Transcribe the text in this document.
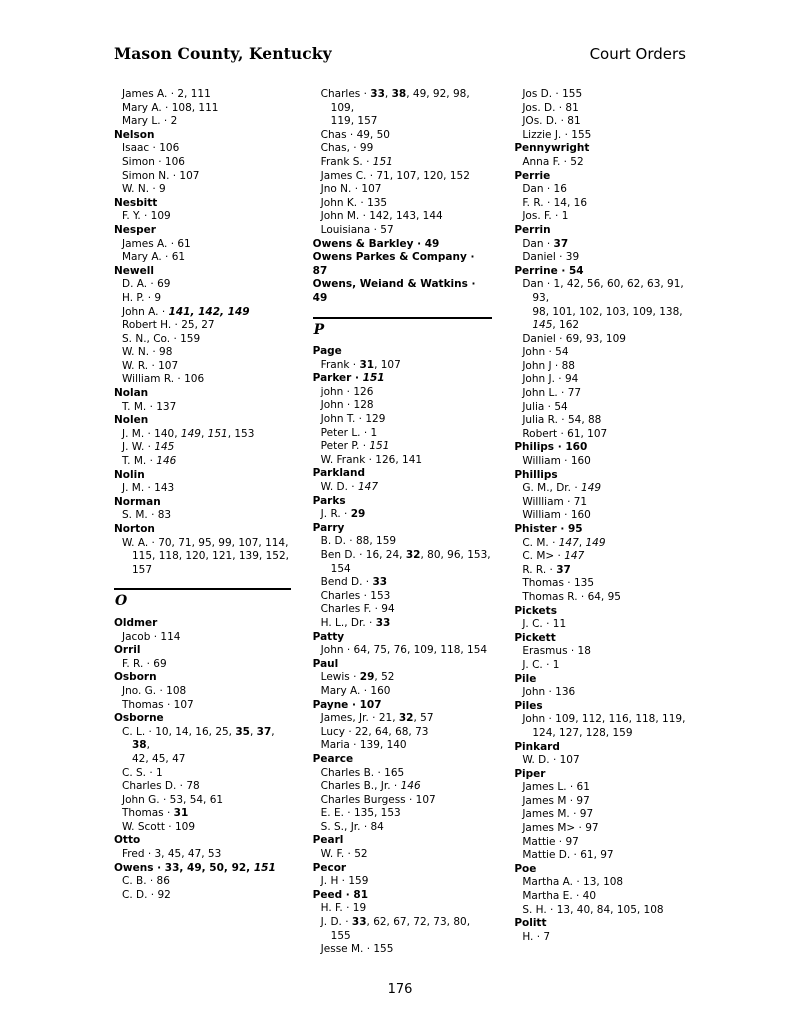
Mason County, Kentucky	Court Orders
James A. · 2, 111
Mary A. · 108, 111
Mary L. · 2
Nelson
Isaac · 106
Simon · 106
Simon N. · 107
W. N. · 9
Nesbitt
F. Y. · 109
Nesper
James A. · 61
Mary A. · 61
Newell
D. A. · 69
H. P. · 9
John A. · 141, 142, 149
Robert H. · 25, 27
S. N., Co. · 159
W. N. · 98
W. R. · 107
William R. · 106
Nolan
T. M. · 137
Nolen
J. M. · 140, 149, 151, 153
J. W. · 145
T. M. · 146
Nolin
J. M. · 143
Norman
S. M. · 83
Norton
W. A. · 70, 71, 95, 99, 107, 114,
115, 118, 120, 121, 139, 152,
157
O
Oldmer
Jacob · 114
Orril
F. R. · 69
Osborn
Jno. G. · 108
Thomas · 107
Osborne
C. L. · 10, 14, 16, 25, 35, 37, 38,
42, 45, 47
C. S. · 1
Charles D. · 78
John G. · 53, 54, 61
Thomas · 31
W. Scott · 109
Otto
Fred · 3, 45, 47, 53
Owens · 33, 49, 50, 92, 151
C. B. · 86
C. D. · 92
Charles · 33, 38, 49, 92, 98, 109,
119, 157
Chas · 49, 50
Chas, · 99
Frank S. · 151
James C. · 71, 107, 120, 152
Jno N. · 107
John K. · 135
John M. · 142, 143, 144
Louisiana · 57
Owens & Barkley · 49
Owens Parkes & Company · 87
Owens, Weiand & Watkins · 49
P
Page
Frank · 31, 107
Parker · 151
john · 126
John · 128
John T. · 129
Peter L. · 1
Peter P. · 151
W. Frank · 126, 141
Parkland
W. D. · 147
Parks
J. R. · 29
Parry
B. D. · 88, 159
Ben D. · 16, 24, 32, 80, 96, 153,
154
Bend D. · 33
Charles · 153
Charles F. · 94
H. L., Dr. · 33
Patty
John · 64, 75, 76, 109, 118, 154
Paul
Lewis · 29, 52
Mary A. · 160
Payne · 107
James, Jr. · 21, 32, 57
Lucy · 22, 64, 68, 73
Maria · 139, 140
Pearce
Charles B. · 165
Charles B., Jr. · 146
Charles Burgess · 107
E. E. · 135, 153
S. S., Jr. · 84
Pearl
W. F. · 52
Pecor
J. H · 159
Peed · 81
H. F. · 19
J. D. · 33, 62, 67, 72, 73, 80, 155
Jesse M. · 155
Jos D. · 155
Jos. D. · 81
JOs. D. · 81
Lizzie J. · 155
Pennywright
Anna F. · 52
Perrie
Dan · 16
F. R. · 14, 16
Jos. F. · 1
Perrin
Dan · 37
Daniel · 39
Perrine · 54
Dan · 1, 42, 56, 60, 62, 63, 91, 93,
98, 101, 102, 103, 109, 138,
145, 162
Daniel · 69, 93, 109
John · 54
John J · 88
John J. · 94
John L. · 77
Julia · 54
Julia R. · 54, 88
Robert · 61, 107
Philips · 160
William · 160
Phillips
G. M., Dr. · 149
Willliam · 71
William · 160
Phister · 95
C. M. · 147, 149
C. M> · 147
R. R. · 37
Thomas · 135
Thomas R. · 64, 95
Pickets
J. C. · 11
Pickett
Erasmus · 18
J. C. · 1
Pile
John · 136
Piles
John · 109, 112, 116, 118, 119,
124, 127, 128, 159
Pinkard
W. D. · 107
Piper
James L. · 61
James M · 97
James M. · 97
James M> · 97
Mattie · 97
Mattie D. · 61, 97
Poe
Martha A. · 13, 108
Martha E. · 40
S. H. · 13, 40, 84, 105, 108
Politt
H. · 7
176
